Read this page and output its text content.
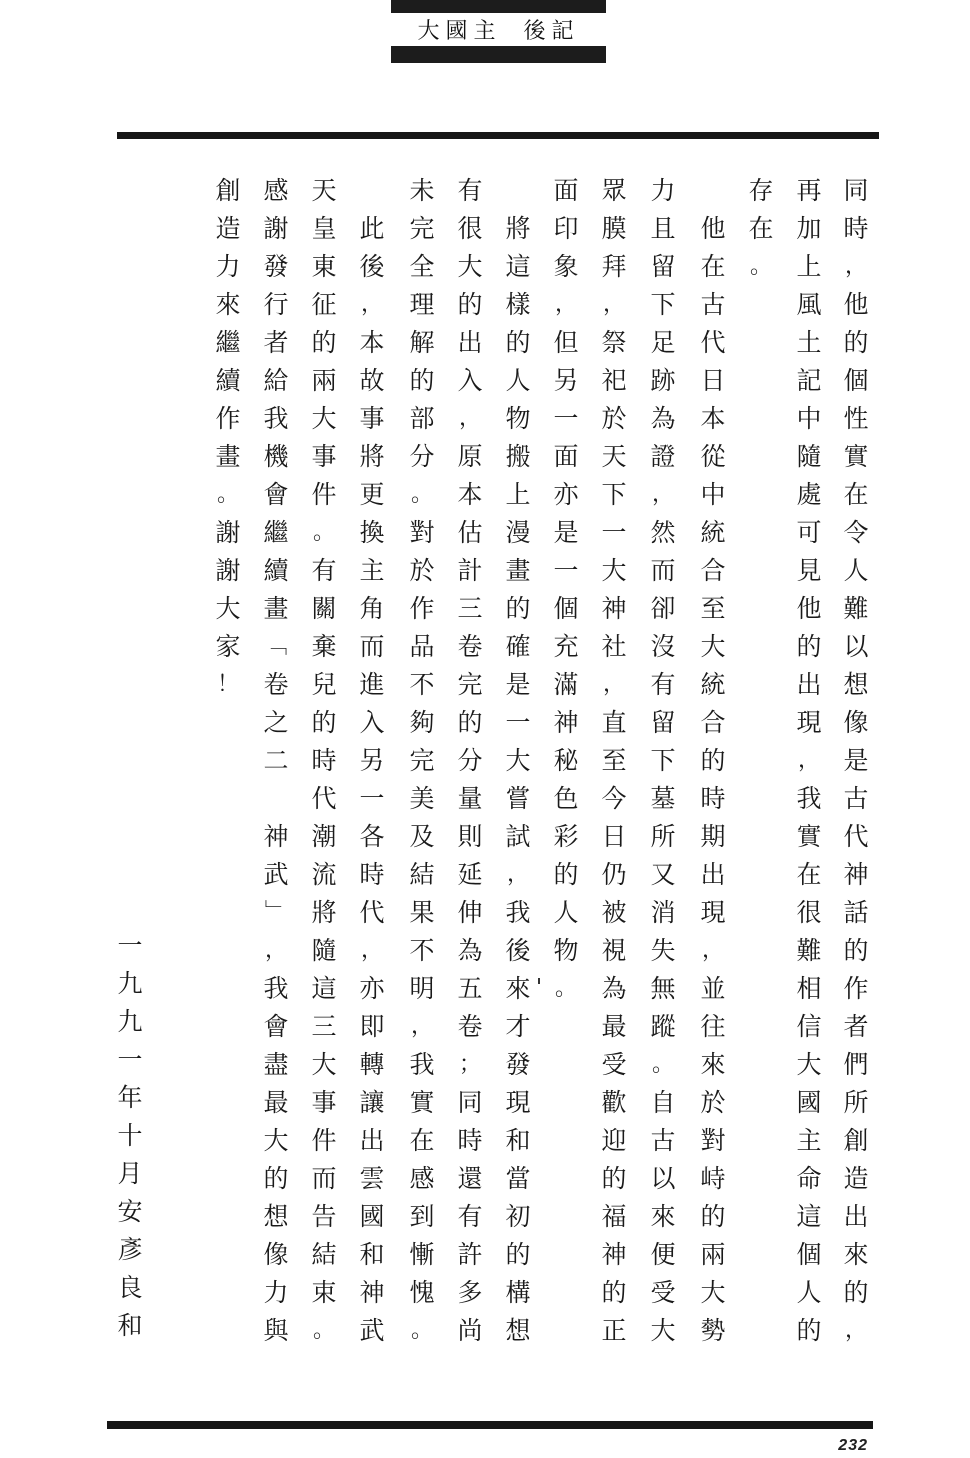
大國主 後記
同
時
，
他
的
個
性
實
在
令
人
難
以
想
像
是
古
代
神
話
的
作
者
們
所
創
造
出
來
的
，
再
加
上
風
土
記
中
隨
處
可
見
他
的
出
現
，
我
實
在
很
難
相
信
大
國
主
命
這
個
人
的
存
在
。
他
在
古
代
日
本
從
中
統
合
至
大
統
合
的
時
期
出
現
，
並
往
來
於
對
峙
的
兩
大
勢
力
且
留
下
足
跡
為
證
，
然
而
卻
沒
有
留
下
墓
所
又
消
失
無
蹤
。
自
古
以
來
便
受
大
眾
膜
拜
，
祭
祀
於
天
下
一
大
神
社
，
直
至
今
日
仍
被
視
為
最
受
歡
迎
的
福
神
的
正
面
印
象
，
但
另
一
面
亦
是
一
個
充
滿
神
秘
色
彩
的
人
物
。
將
這
樣
的
人
物
搬
上
漫
畫
的
確
是
一
大
嘗
試
，
我
後
來
才
發
現
和
當
初
的
構
想
有
很
大
的
出
入
，
原
本
估
計
三
卷
完
的
分
量
則
延
伸
為
五
卷
；
同
時
還
有
許
多
尚
未
完
全
理
解
的
部
分
。
對
於
作
品
不
夠
完
美
及
結
果
不
明
，
我
實
在
感
到
慚
愧
。
此
後
，
本
故
事
將
更
換
主
角
而
進
入
另
一
各
時
代
，
亦
即
轉
讓
出
雲
國
和
神
武
天
皇
東
征
的
兩
大
事
件
。
有
關
棄
兒
的
時
代
潮
流
將
隨
這
三
大
事
件
而
告
結
束
。
感
謝
發
行
者
給
我
機
會
繼
續
畫
﹁
卷
之
二

神
武
﹂
，
我
會
盡
最
大
的
想
像
力
與
創
造
力
來
繼
續
作
畫
。
謝
謝
大
家
！
一
九
九
一
年
十
月
安
彥
良
和
232
